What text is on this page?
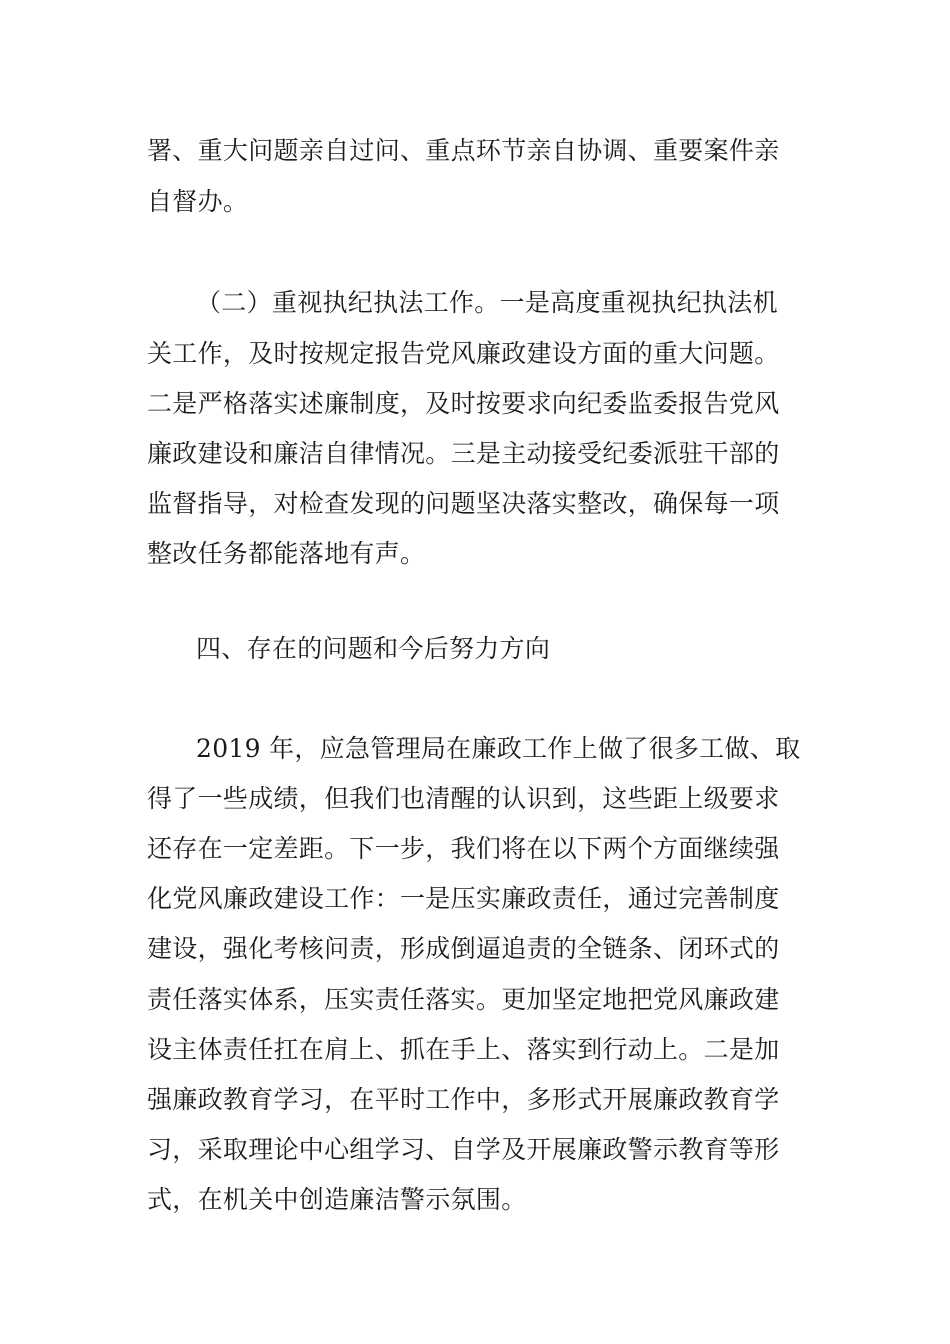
署、重大问题亲自过问、重点环节亲自协调、重要案件亲
自督办。
（二）重视执纪执法工作。一是高度重视执纪执法机
关工作，及时按规定报告党风廉政建设方面的重大问题。
二是严格落实述廉制度，及时按要求向纪委监委报告党风
廉政建设和廉洁自律情况。三是主动接受纪委派驻干部的
监督指导，对检查发现的问题坚决落实整改，确保每一项
整改任务都能落地有声。
四、存在的问题和今后努力方向
2019 年，应急管理局在廉政工作上做了很多工做、取
得了一些成绩，但我们也清醒的认识到，这些距上级要求
还存在一定差距。下一步，我们将在以下两个方面继续强
化党风廉政建设工作：一是压实廉政责任，通过完善制度
建设，强化考核问责，形成倒逼追责的全链条、闭环式的
责任落实体系，压实责任落实。更加坚定地把党风廉政建
设主体责任扛在肩上、抓在手上、落实到行动上。二是加
强廉政教育学习，在平时工作中，多形式开展廉政教育学
习，采取理论中心组学习、自学及开展廉政警示教育等形
式，在机关中创造廉洁警示氛围。
